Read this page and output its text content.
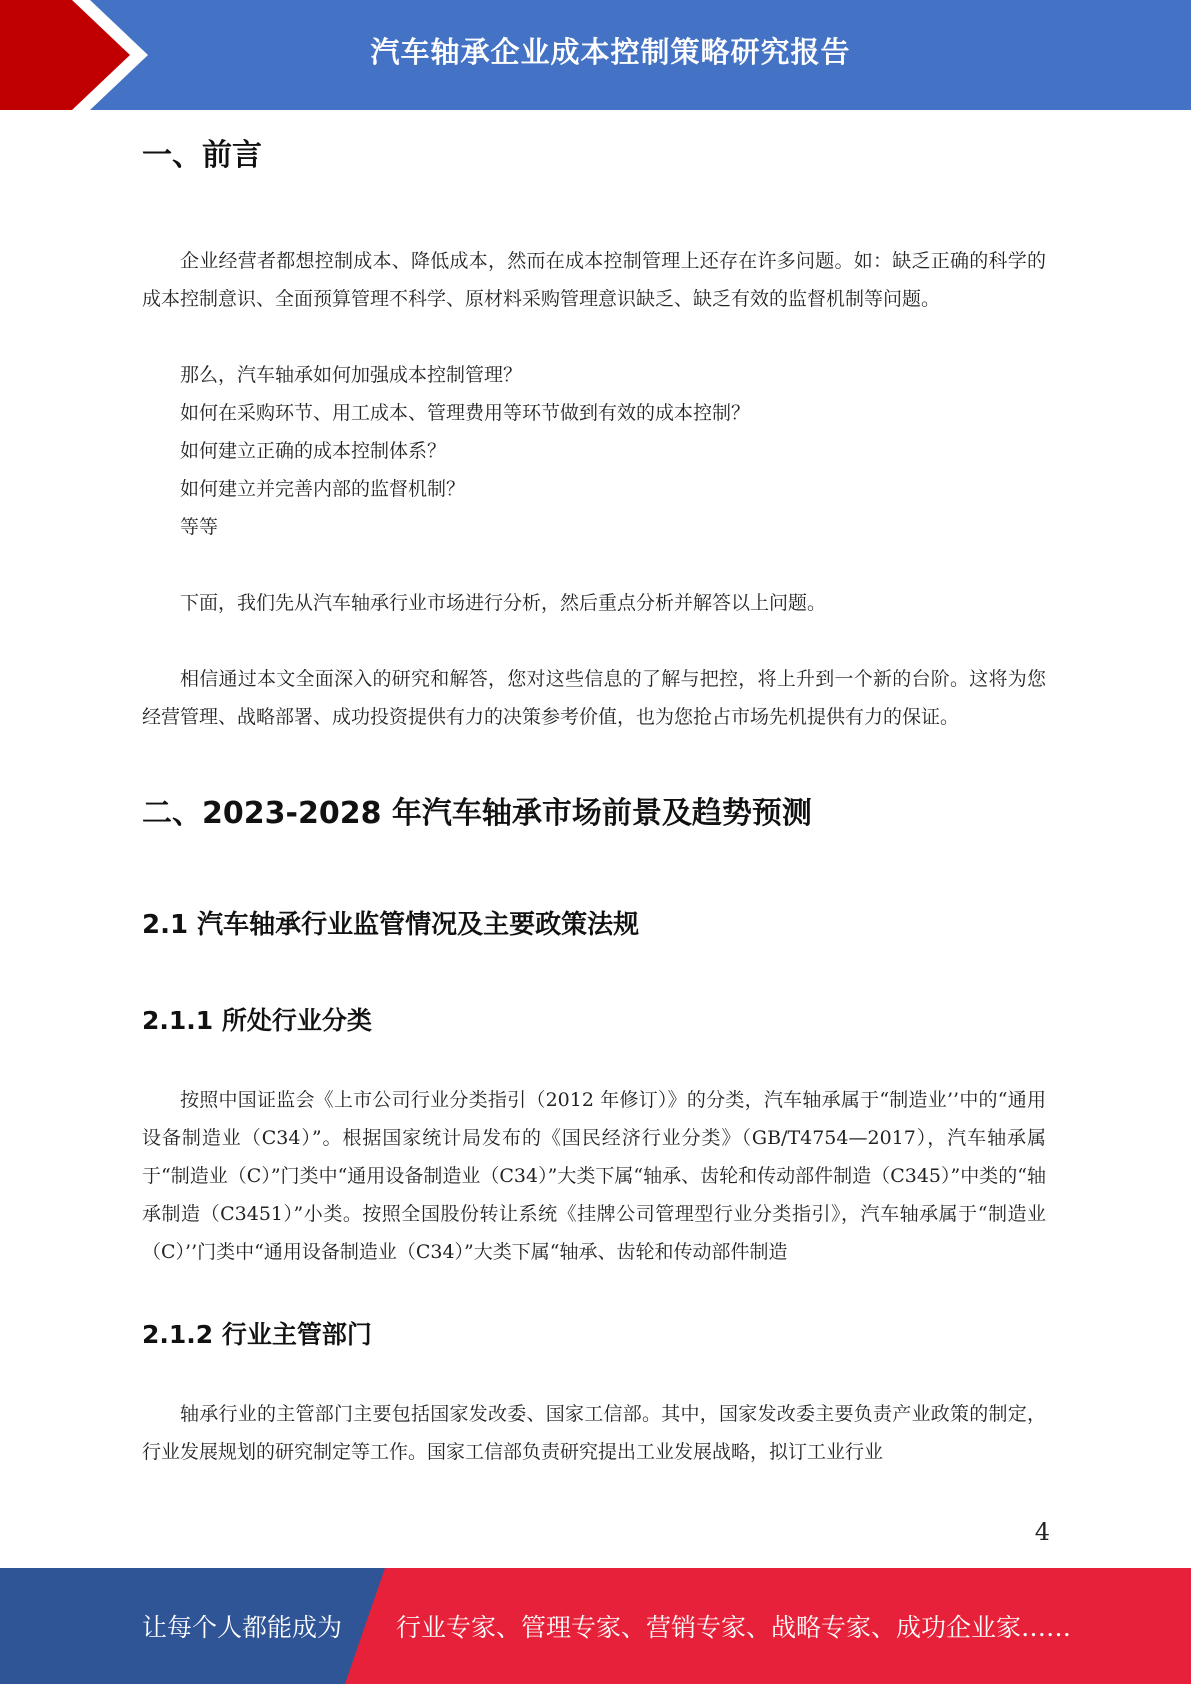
汽车轴承企业成本控制策略研究报告
一、前言

企业经营者都想控制成本、降低成本，然而在成本控制管理上还存在许多问题。如：缺乏正确的科学的成本控制意识、全面预算管理不科学、原材料采购管理意识缺乏、缺乏有效的监督机制等问题。

那么，汽车轴承如何加强成本控制管理？

如何在采购环节、用工成本、管理费用等环节做到有效的成本控制？

如何建立正确的成本控制体系？

如何建立并完善内部的监督机制？

等等

下面，我们先从汽车轴承行业市场进行分析，然后重点分析并解答以上问题。

相信通过本文全面深入的研究和解答，您对这些信息的了解与把控，将上升到一个新的台阶。这将为您经营管理、战略部署、成功投资提供有力的决策参考价值，也为您抢占市场先机提供有力的保证。

二、2023-2028 年汽车轴承市场前景及趋势预测
2.1 汽车轴承行业监管情况及主要政策法规
2.1.1 所处行业分类

按照中国证监会《上市公司行业分类指引（2012 年修订）》的分类，汽车轴承属于“制造业’’中的“通用设备制造业（C34）”。根据国家统计局发布的《国民经济行业分类》（GB/T4754—2017），汽车轴承属于“制造业（C）”门类中“通用设备制造业（C34）”大类下属“轴承、齿轮和传动部件制造（C345）”中类的“轴承制造（C3451）”小类。按照全国股份转让系统《挂牌公司管理型行业分类指引》，汽车轴承属于“制造业（C）’’门类中“通用设备制造业（C34）”大类下属“轴承、齿轮和传动部件制造

2.1.2 行业主管部门

轴承行业的主管部门主要包括国家发改委、国家工信部。其中，国家发改委主要负责产业政策的制定，行业发展规划的研究制定等工作。国家工信部负责研究提出工业发展战略，拟订工业行业

4
让每个人都能成为 行业专家、管理专家、营销专家、战略专家、成功企业家……
